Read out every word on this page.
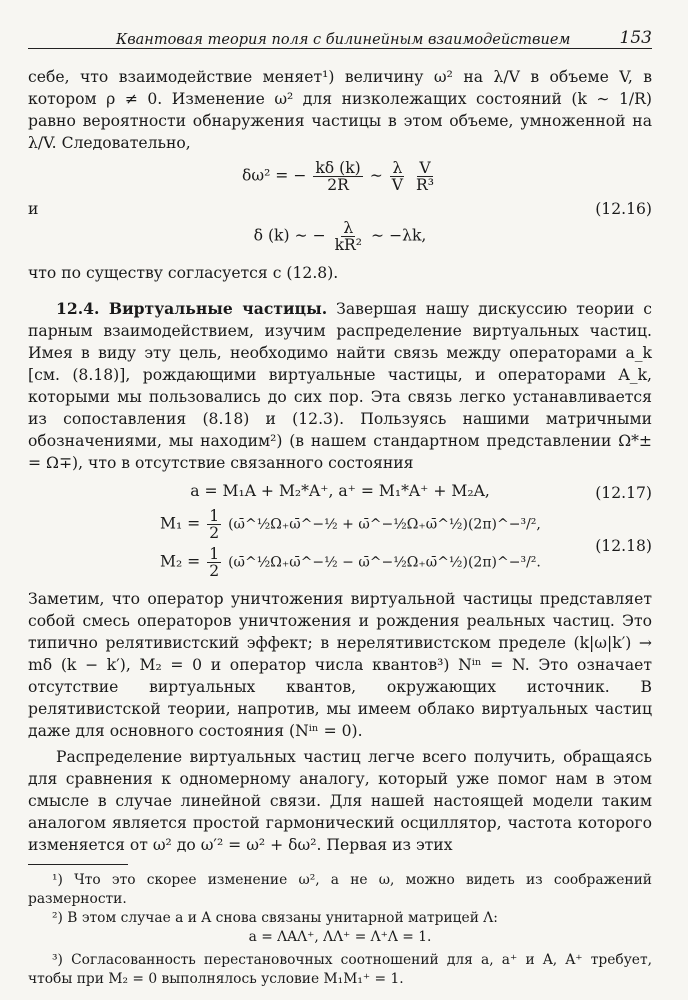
Квантовая теория поля с билинейным взаимодействием	153

себе, что взаимодействие меняет¹) величину ω² на λ/V в объеме V, в котором ρ ≠ 0. Изменение ω² для низколежащих состояний (k ∼ 1/R) равно вероятности обнаружения частицы в этом объеме, умноженной на λ/V. Следовательно,

δω² = − $\frac{k\delta (k)}{2R}$ ∼ $\frac{\lambda}{V}$
$\frac{V}{\text{R³}}$
и	(12.16)
δ (k) ∼ − $\frac{\lambda}{\text{kR²}}$ ∼ −λk,

что по существу согласуется с (12.8).

12.4. Виртуальные частицы. Завершая нашу дискуссию теории с парным взаимодействием, изучим распределение виртуальных частиц. Имея в виду эту цель, необходимо найти связь между операторами a_k [см. (8.18)], рождающими виртуальные частицы, и операторами A_k, которыми мы пользовались до сих пор. Эта связь легко устанавливается из сопоставления (8.18) и (12.3). Пользуясь нашими матричными обозначениями, мы находим²) (в нашем стандартном представлении Ω*± = Ω∓), что в отсутствие связанного состояния

a = M₁A + M₂*A⁺, a⁺ = M₁*A⁺ + M₂A,	(12.17)
$M_1 = \frac{1}{2}$ (ω̄^½Ω₊ω̄^−½ + ω̄^−½Ω₊ω̄^½)(2π)^−³/²,
$M_2 = \frac{1}{2}$ (ω̄^½Ω₊ω̄^−½ − ω̄^−½Ω₊ω̄^½)(2π)^−³/².
(12.18)

Заметим, что оператор уничтожения виртуальной частицы представляет собой смесь операторов уничтожения и рождения реальных частиц. Это типично релятивистский эффект; в нерелятивистском пределе (k|ω|k′) → mδ (k − k′), M₂ = 0 и оператор числа квантов³) Nⁱⁿ = N. Это означает отсутствие виртуальных квантов, окружающих источник. В релятивистской теории, напротив, мы имеем облако виртуальных частиц даже для основного состояния (Nⁱⁿ = 0).

Распределение виртуальных частиц легче всего получить, обращаясь для сравнения к одномерному аналогу, который уже помог нам в этом смысле в случае линейной связи. Для нашей настоящей модели таким аналогом является простой гармонический осциллятор, частота которого изменяется от ω² до ω′² = ω² + δω². Первая из этих

¹) Что это скорее изменение ω², а не ω, можно видеть из соображений размерности.

²) В этом случае a и A снова связаны унитарной матрицей Λ:

a = ΛAΛ⁺, ΛΛ⁺ = Λ⁺Λ = 1.

³) Согласованность перестановочных соотношений для a, a⁺ и A, A⁺ требует, чтобы при M₂ = 0 выполнялось условие M₁M₁⁺ = 1.
